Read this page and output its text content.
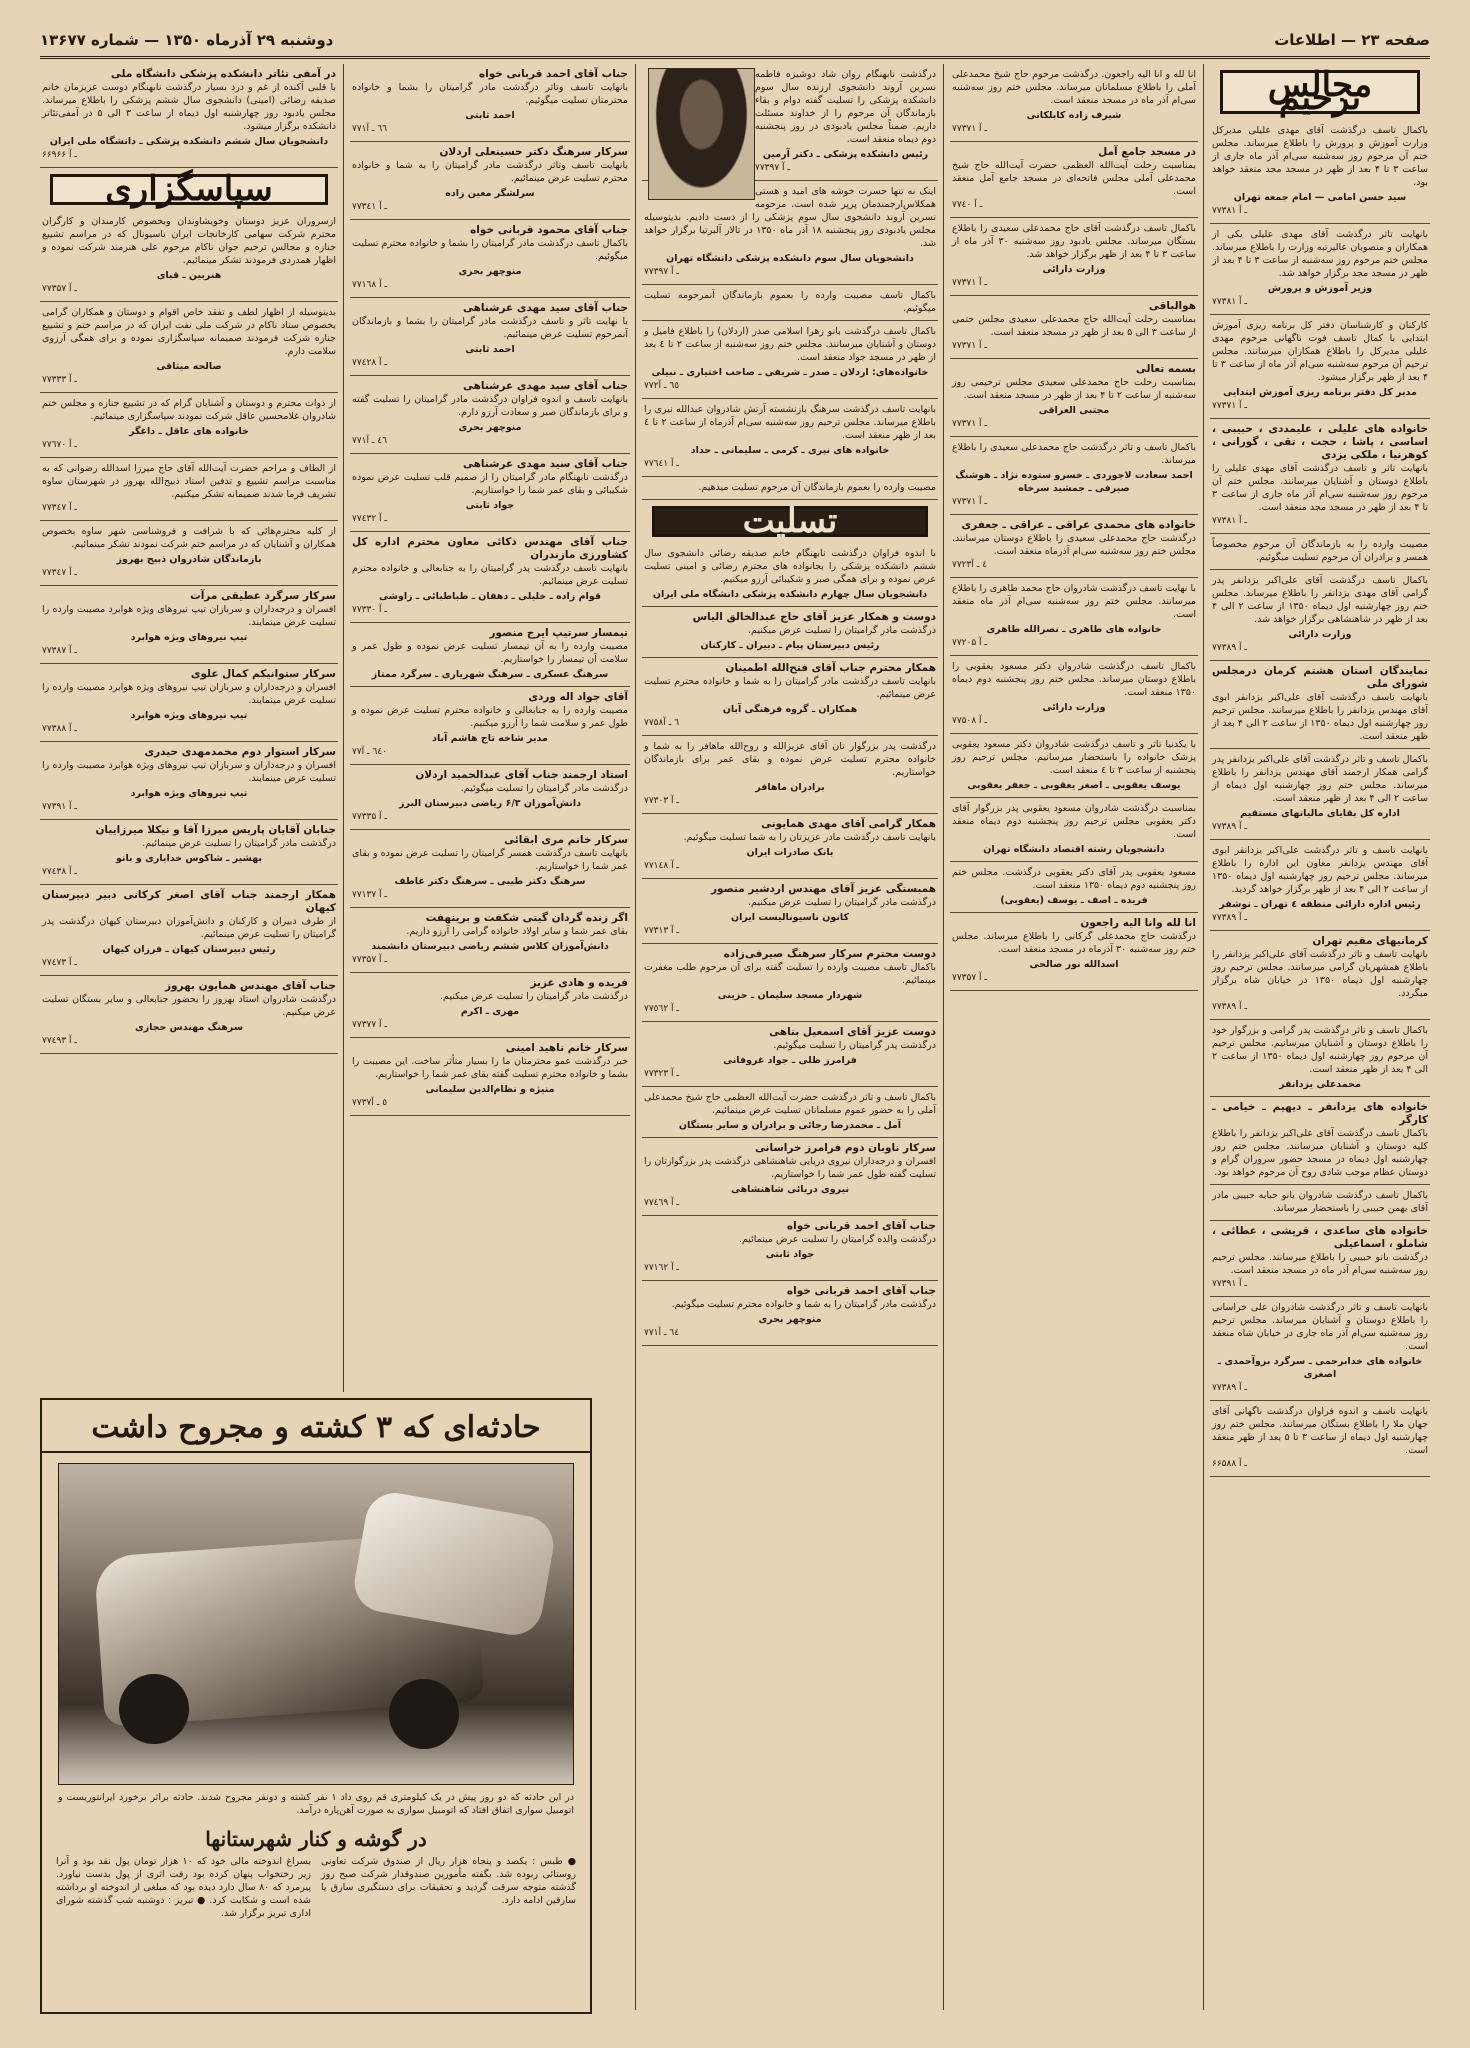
صفحه ۲۳ — اطلاعات
دوشنبه ۲۹ آذرماه ۱۳۵۰ — شماره ۱۳۶۷۷
مجالس ترحیم
باکمال تاسف درگذشت آقای مهدی علیلی مدیرکل وزارت آموزش و پرورش را باطلاع میرساند. مجلس ختم آن مرحوم روز سه‌شنبه سی‌ام آذر ماه جاری از ساعت ۳ تا ۴ بعد از ظهر در مسجد مجد منعقد خواهد بود.
سید حسن امامی — امام جمعه تهران
۷۷۳۸۱ ـ آ
بانهایت تاثر درگذشت آقای مهدی علیلی یکی از همکاران و منصوبان عالیرتبه وزارت را باطلاع میرساند. مجلس ختم مرحوم روز سه‌شنبه از ساعت ۳ تا ۴ بعد از ظهر در مسجد مجد برگزار خواهد شد.
وزیر آموزش و پرورش
۷۷۳۸۱ ـ آ
کارکنان و کارشناسان دفتر کل برنامه ریزی آموزش ابتدایی با کمال تاسف فوت ناگهانی مرحوم مهدی علیلی مدیرکل را باطلاع همکاران میرسانند. مجلس ترحیم آن مرحوم سه‌شنبه سی‌ام آذر ماه از ساعت ۳ تا ۴ بعد از ظهر برگزار میشود.
مدیر کل دفتر برنامه ریزی آموزش ابتدایی
۷۷۳۷۱ ـ آ
خانواده های علیلی ، علیمددی ، حبیبی ، اساسی ، پاشا ، حجت ، تقی ، گورانی ، کوهرنیا ، ملکی یزدی
بانهایت تاثر و تاسف درگذشت آقای مهدی علیلی را باطلاع دوستان و آشنایان میرسانند. مجلس ختم آن مرحوم روز سه‌شنبه سی‌ام آذر ماه جاری از ساعت ۳ تا ۴ بعد از ظهر در مسجد مجد منعقد است.
۷۷۳۸۱ ـ آ
مصیبت وارده را به بازماندگان آن مرحوم مخصوصاً همسر و برادران آن مرحوم تسلیت میگوئیم.
باکمال تاسف درگذشت آقای علی‌اکبر یزدانفر پدر گرامی آقای مهدی یزدانفر را باطلاع میرساند. مجلس ختم روز چهارشنبه اول دیماه ۱۳۵۰ از ساعت ۲ الی ۴ بعد از ظهر در شاهنشاهی برگزار خواهد شد.
وزارت دارائی
۷۷۳۸۹ ـ آ
نمایندگان استان هشتم کرمان درمجلس شورای ملی
بانهایت تاسف درگذشت آقای علی‌اکبر یزدانفر ابوی آقای مهندس یزدانفر را باطلاع میرسانند. مجلس ترحیم روز چهارشنبه اول دیماه ۱۳۵۰ از ساعت ۲ الی ۴ بعد از ظهر منعقد است.
باکمال تاسف و تاثر درگذشت آقای علی‌اکبر یزدانفر پدر گرامی همکار ارجمند آقای مهندس یزدانفر را باطلاع میرساند. مجلس ختم روز چهارشنبه اول دیماه از ساعت ۲ الی ۴ بعد از ظهر منعقد است.
اداره کل بقایای مالیاتهای مستقیم
۷۷۳۸۹ ـ آ
بانهایت تاسف و تاثر درگذشت علی‌اکبر یزدانفر ابوی آقای مهندس یزدانفر معاون این اداره را باطلاع میرساند. مجلس ترحیم روز چهارشنبه اول دیماه ۱۳۵۰ از ساعت ۲ الی ۴ بعد از ظهر برگزار خواهد گردید.
رئیس اداره دارائی منطقه ٤ تهران ـ نوشفر
۷۷۳۸۹ ـ آ
کرمانیهای مقیم تهران
بانهایت تاسف و تاثر درگذشت آقای علی‌اکبر یزدانفر را باطلاع همشهریان گرامی میرسانند. مجلس ترحیم روز چهارشنبه اول دیماه ۱۳۵۰ در خیابان شاه برگزار میگردد.
۷۷۳۸۹ ـ آ
باکمال تاسف و تاثر درگذشت پدر گرامی و بزرگوار خود را باطلاع دوستان و آشنایان میرسانیم. مجلس ترحیم آن مرحوم روز چهارشنبه اول دیماه ۱۳۵۰ از ساعت ۲ الی ۴ بعد از ظهر منعقد است.
محمدعلی یزدانفر
خانواده های یزدانفر ـ دیهیم ـ خیامی ـ کارگر
باکمال تاسف درگذشت آقای علی‌اکبر یزدانفر را باطلاع کلیه دوستان و آشنایان میرسانند. مجلس ختم روز چهارشنبه اول دیماه در مسجد حضور سروران گرام و دوستان عظام موجب شادی روح آن مرحوم خواهد بود.
باکمال تاسف درگذشت شادروان بانو حبابه حبیبی مادر آقای بهمن حبیبی را باستحضار میرساند.
خانواده های ساعدی ، قریشی ، عطائی ، شاملو ، اسماعیلی
درگذشت بانو حبیبی را باطلاع میرسانند. مجلس ترحیم روز سه‌شنبه سی‌ام آذر ماه در مسجد منعقد است.
۷۷۳۹۱ ـ آ
بانهایت تاسف و تاثر درگذشت شادروان علی خراسانی را باطلاع دوستان و آشنایان میرساند. مجلس ترحیم روز سه‌شنبه سی‌ام آذر ماه جاری در خیابان شاه منعقد است.
خانواده های خدابرحمی ـ سرگرد بروآحمدی ـ اصغری
۷۷۳۸۹ ـ آ
بانهایت تاسف و اندوه فراوان درگذشت ناگهانی آقای جهان ملا را باطلاع بستگان میرسانند. مجلس ختم روز چهارشنبه اول دیماه از ساعت ۳ تا ۵ بعد از ظهر منعقد است.
۶۶۵۸۸ ـ آ
انا لله و انا الیه راجعون. درگذشت مرحوم حاج شیخ محمدعلی آملی را باطلاع مسلمانان میرساند. مجلس ختم روز سه‌شنبه سی‌ام آذر ماه در مسجد منعقد است.
شیرف زاده کابلکانی
۷۷۳۷۱ ـ آ
در مسجد جامع آمل
بمناسبت رحلت آیت‌الله العظمی حضرت آیت‌الله حاج شیخ محمدعلی آملی مجلس فاتحه‌ای در مسجد جامع آمل منعقد است.
۷۷٤۰ ـ آ
باکمال تاسف درگذشت آقای حاج محمدعلی سعیدی را باطلاع بستگان میرساند. مجلس یادبود روز سه‌شنبه ۳۰ آذر ماه از ساعت ۳ تا ۴ بعد از ظهر برگزار خواهد شد.
وزارت دارائی
۷۷۳۷۱ ـ آ
هوالباقی
بمناسبت رحلت آیت‌الله حاج محمدعلی سعیدی مجلس ختمی از ساعت ۳ الی ۵ بعد از ظهر در مسجد منعقد است.
۷۷۳۷۱ ـ آ
بسمه تعالی
بمناسبت رحلت حاج محمدعلی سعیدی مجلس ترحیمی روز سه‌شنبه از ساعت ۲ تا ۴ بعد از ظهر در مسجد منعقد است.
مجتبی العراقی
۷۷۳۷۱ ـ آ
باکمال تاسف و تاثر درگذشت حاج محمدعلی سعیدی را باطلاع میرساند.
احمد سعادت لاجوردی ـ خسرو ستوده نژاد ـ هوشنگ صیرفی ـ جمشید سرخاه
۷۷۳۷۱ ـ آ
خانواده های محمدی عراقی ـ عراقی ـ جعفری
درگذشت حاج محمدعلی سعیدی را باطلاع دوستان میرسانند. مجلس ختم روز سه‌شنبه سی‌ام آذرماه منعقد است.
۷۷۲۳٤ ـ آ
با نهایت تاسف درگذشت شادروان حاج محمد طاهری را باطلاع میرسانند. مجلس ختم روز سه‌شنبه سی‌ام آذر ماه منعقد است.
خانواده های طاهری ـ نصرالله طاهری
۷۷۲۰۵ ـ آ
باکمال تاسف درگذشت شادروان دکتر مسعود یعقوبی را باطلاع دوستان میرساند. مجلس ختم روز پنجشنبه دوم دیماه ۱۳۵۰ منعقد است.
وزارت دارائی
۷۷۵۰۸ ـ آ
با یکدنیا تاثر و تاسف درگذشت شادروان دکتر مسعود یعقوبی پزشک خانواده را باستحضار میرسانیم. مجلس ترحیم روز پنجشنبه از ساعت ۳ تا ٤ منعقد است.
یوسف یعقوبی ـ اصغر یعقوبی ـ جعفر یعقوبی
بمناسبت درگذشت شادروان مسعود یعقوبی پدر بزرگوار آقای دکتر یعقوبی مجلس ترحیم روز پنجشنبه دوم دیماه منعقد است.
دانشجویان رشته اقتصاد دانشگاه تهران
مسعود یعقوبی پدر آقای دکتر یعقوبی درگذشت. مجلس ختم روز پنجشنبه دوم دیماه ۱۳۵۰ منعقد است.
فریده ـ اصف ـ یوسف (یعقوبی)
انا لله وانا الیه راجعون
درگذشت حاج محمدعلی گرکانی را باطلاع میرساند. مجلس ختم روز سه‌شنبه ۳۰ آذرماه در مسجد منعقد است.
اسدالله نور صالحی
۷۷۳۵۷ ـ آ
درگذشت نابهنگام روان شاد دوشیزه فاطمه نسرین آروند دانشجوی ارزنده سال سوم دانشکده پزشکی را تسلیت گفته دوام و بقاء بازماندگان آن مرحوم را از خداوند مسئلت داریم. ضمناً مجلس یادبودی در روز پنجشنبه دوم دیماه منعقد است.
رئیس دانشکده پزشکی ـ دکتر آرمین
۷۷۳۹۷ ـ آ
اینک نه تنها حسرت خوشه های امید و هستی همکلاس‌ارجمندمان پرپر شده است. مرحومه نسرین آروند دانشجوی سال سوم پزشکی را از دست دادیم. بدینوسیله مجلس یادبودی روز پنجشنبه ۱۸ آذر ماه ۱۳۵۰ در تالار آلبرتیا برگزار خواهد شد.
دانشجویان سال سوم دانشکده پزشکی دانشگاه تهران
۷۷۳۹۷ ـ آ
باکمال تاسف مصیبت وارده را بعموم بازماندگان آنمرحومه تسلیت میگوئیم.
باکمال تاسف درگذشت بانو زهرا اسلامی صدر (اردلان) را باطلاع فامیل و دوستان و آشنایان میرسانند. مجلس ختم روز سه‌شنبه از ساعت ۲ تا ٤ بعد از ظهر در مسجد جواد منعقد است.
خانواده‌های: اردلان ـ صدر ـ شریفی ـ صاحب اختیاری ـ نبیلی
۷۷۲٦٥ ـ آ
بانهایت تاسف درگذشت سرهنگ بازنشسته آرتش شادروان عبدالله نیری را باطلاع میرساند. مجلس ترحیم روز سه‌شنبه سی‌ام آذرماه از ساعت ۲ تا ٤ بعد از ظهر منعقد است.
خانواده های نیری ـ کرمی ـ سلیمانی ـ حداد
۷۷٦٤۱ ـ آ
مصیبت وارده را بعموم بازماندگان آن مرحوم تسلیت میدهیم.
تسلیت
با اندوه فراوان درگذشت نابهنگام خانم صدیقه رضائی دانشجوی سال ششم دانشکده پزشکی را بجانواده های محترم رضائی و امینی تسلیت عرض نموده و برای همگی صبر و شکیبائی آرزو میکنیم.
دانشجویان سال چهارم دانشکده پزشکی دانشگاه ملی ایران
دوست و همکار عزیز آقای حاج عبدالخالق الیاس
درگذشت مادر گرامیتان را تسلیت عرض میکنیم.
رئیس دبیرستان پیام ـ دبیران ـ کارکنان
همکار محترم جناب آقای فتح‌الله اطمینان
بانهایت تاسف درگذشت مادر گرامیتان را به شما و خانواده محترم تسلیت عرض مینمائیم.
همکاران ـ گروه فرهنگی آبان
۷۷۵۸٦ ـ آ
درگذشت پدر بزرگوار تان آقای عزیزالله و روح‌الله ماهافر را به شما و خانواده محترم تسلیت عرض نموده و بقای عمر برای بازماندگان خواستاریم.
برادران ماهافر
۷۷۳۰۳ ـ آ
همکار گرامی آقای مهدی همایونی
بانهایت تاسف درگذشت مادر عزیزتان را به شما تسلیت میگوئیم.
بانک صادرات ایران
۷۷۱٤۸ ـ آ
همبستگی عزیز آقای مهندس اردشیر منصور
درگذشت مادر گرامیتان را تسلیت عرض میکنیم.
کانون ناسیونالیست ایران
۷۷۳۱۳ ـ آ
دوست محترم سرکار سرهنگ صیرفی‌زاده
باکمال تاسف مصیبت وارده را تسلیت گفته برای آن مرحوم طلب مغفرت مینمائیم.
شهردار مسجد سلیمان ـ حزینی
۷۷٥٦۲ ـ آ
دوست عزیز آقای اسمعیل بناهی
درگذشت پدر گرامیتان را تسلیت میگوئیم.
فرامرز ظلی ـ جواد غروفانی
۷۷۳۲۳ ـ آ
باکمال تاسف و تاثر درگذشت حضرت آیت‌الله العظمی حاج شیخ محمدعلی آملی را به حضور عموم مسلمانان تسلیت عرض مینمائیم.
آمل ـ محمدرضا رجائی و برادران و سایر بستگان
سرکار ناوبان دوم فرامرز خراسانی
افسران و درجه‌داران نیروی دریایی شاهنشاهی درگذشت پدر بزرگوارتان را تسلیت گفته طول عمر شما را خواستاریم.
نیروی دریائی شاهنشاهی
۷۷٤٦۹ ـ آ
جناب آقای احمد قربانی خواه
درگذشت والده گرامیتان را تسلیت عرض مینمائیم.
جواد ثابتی
۷۷۱٦۲ ـ آ
جناب آقای احمد قربانی خواه
درگذشت مادر گرامیتان را به شما و خانواده محترم تسلیت میگوئیم.
منوچهر بحری
۷۷۱٦٤ ـ آ
جناب آقای احمد قربانی خواه
بانهایت تاسف وتاثر درگذشت مادر گرامیتان را بشما و خانواده محترمتان تسلیت میگوئیم.
احمد ثابتی
۷۷۱٦٦ ـ آ
سرکار سرهنگ دکتر حسینعلی اردلان
بانهایت تاسف وتاثر درگذشت مادر گرامیتان را به شما و خانواده محترم تسلیت عرض مینمائیم.
سرلشگر معین زاده
۷۷۳٤۱ ـ آ
جناب آقای محمود قربانی خواه
باکمال تاسف درگذشت مادر گرامیتان را بشما و خانواده محترم تسلیت میگوئیم.
منوچهر بحری
۷۷۱٦۸ ـ آ
جناب آقای سید مهدی عرشناهی
با نهایت تاثر و تاسف درگذشت مادر گرامیتان را بشما و بازماندگان آنمرحوم تسلیت عرض مینمائیم.
احمد ثابتی
۷۷٤۲۸ ـ آ
جناب آقای سید مهدی عرشناهی
بانهایت تاسف و اندوه فراوان درگذشت مادر گرامیتان را تسلیت گفته و برای بازماندگان صبر و سعادت آرزو دارم.
منوچهر بحری
۷۷۱٤٦ ـ آ
جناب آقای سید مهدی عرشناهی
درگذشت نابهنگام مادر گرامیتان را از صمیم قلب تسلیت عرض نموده شکیبائی و بقای عمر شما را خواستاریم.
جواد ثابتی
۷۷٤۳۲ ـ آ
جناب آقای مهندس ذکائی معاون محترم اداره کل کشاورزی مازندران
بانهایت تاسف درگذشت پدر گرامیتان را به جنابعالی و خانواده محترم تسلیت عرض مینمائیم.
قوام زاده ـ خلیلی ـ دهقان ـ طباطبائی ـ زاوشی
۷۷۳۳۰ ـ آ
تیمسار سرتیپ ایرج منصور
مصیبت وارده را به آن تیمسار تسلیت عرض نموده و طول عمر و سلامت آن تیمسار را خواستاریم.
سرهنگ عسکری ـ سرهنگ شهریاری ـ سرگرد ممتاز
آقای جواد اله وردی
مصیبت وارده را به جنابعالی و خانواده محترم تسلیت عرض نموده و طول عمر و سلامت شما را آرزو میکنیم.
مدیر شاخه تاج هاشم آباد
۷۷٦٤٠ ـ آ
استاد ارجمند جناب آقای عبدالحمید اردلان
درگذشت مادر گرامیتان را تسلیت میگوئیم.
دانش‌آموزان ۶/۳ ریاضی دبیرستان البرز
۷۷۳۳۵ ـ آ
سرکار خانم مری ابقائی
بانهایت تاسف درگذشت همسر گرامیتان را تسلیت عرض نموده و بقای عمر شما را خواستاریم.
سرهنگ دکتر طیبی ـ سرهنگ دکتر عاطف
۷۷۱۳۷ ـ آ
اگر زنده گردان گیتی شکفت و برینهفت
بقای عمر شما و سایر اولاد خانواده گرامی را آرزو داریم.
دانش‌آموزان کلاس ششم ریاضی دبیرستان دانشمند
۷۷۳۵۷ ـ آ
فریده و هادی عزیز
درگذشت مادر گرامیتان را تسلیت عرض میکنیم.
مهری ـ اکرم
۷۷۳۷۷ ـ آ
سرکار خانم ناهید امینی
خبر درگذشت عمو محترمتان ما را بسیار متأثر ساخت. این مصیبت را بشما و خانواده محترم تسلیت گفته بقای عمر شما را خواستاریم.
منیژه و نظام‌الدین سلیمانی
۷۷۳۷٥ ـ آ
در آمفی تئاتر دانشکده پزشکی دانشگاه ملی
با قلبی آکنده از غم و درد بسیار درگذشت نابهنگام دوست عزیزمان خانم صدیقه رضائی (امینی) دانشجوی سال ششم پزشکی را باطلاع میرساند. مجلس یادبود روز چهارشنبه اول دیماه از ساعت ۳ الی ۵ در آمفی‌تئاتر دانشکده برگزار میشود.
دانشجویان سال ششم دانشکده پزشکی ـ دانشگاه ملی ایران
۶۶۹۶۶ ـ آ
سپاسگزاری
ازسروران عزیز دوستان وخویشاوندان وبخصوص کارمندان و کارگران محترم شرکت سهامی کارخانجات ایران ناسیونال که در مراسم تشییع جنازه و مجالس ترحیم جوان ناکام مرحوم علی هنرمند شرکت نموده و اظهار همدردی فرمودند تشکر مینمائیم.
هنربین ـ قبای
۷۷۳۵۷ ـ آ
بدینوسیله از اظهار لطف و تفقد خاص اقوام و دوستان و همکاران گرامی بخصوص ستاد ناکام در شرکت ملی نفت ایران که در مراسم ختم و تشییع جنازه شرکت فرمودند صمیمانه سپاسگزاری نموده و برای همگی آرزوی سلامت دارم.
صالحه میثاقی
۷۷۳۳۳ ـ آ
از ذوات محترم و دوستان و آشنایان گرام که در تشییع جنازه و مجلس ختم شادروان غلامحسین عاقل شرکت نمودند سپاسگزاری مینمائیم.
خانواده های عاقل ـ داغگر
۷۷٦۷۰ ـ آ
از الطاف و مراحم حضرت آیت‌الله آقای حاج میرزا اسدالله رضوانی که به مناسبت مراسم تشییع و تدفین استاد ذبیح‌الله بهروز در شهرستان ساوه تشریف فرما شدند صمیمانه تشکر میکنیم.
۷۷۳٤۷ ـ آ
از کلیه محترم‌هائی که با شرافت و فروشناسی شهر ساوه بخصوص همکاران و آشنایان که در مراسم ختم شرکت نمودند تشکر مینمائیم.
بازماندگان شادروان ذبیح بهروز
۷۷۳٤۷ ـ آ
سرکار سرگرد عطیقی مرآت
افسران و درجه‌داران و سربازان تیپ نیروهای ویژه هوابرد مصیبت وارده را تسلیت عرض مینمایند.
تیپ نیروهای ویژه هوابرد
۷۷۳۸۷ ـ آ
سرکار ستوانیکم کمال علوی
افسران و درجه‌داران و سربازان تیپ نیروهای ویژه هوابرد مصیبت وارده را تسلیت عرض مینمایند.
تیپ نیروهای ویژه هوابرد
۷۷۳۸۸ ـ آ
سرکار استوار دوم محمدمهدی حیدری
افسران و درجه‌داران و سربازان تیپ نیروهای ویژه هوابرد مصیبت وارده را تسلیت عرض مینمایند.
تیپ نیروهای ویژه هوابرد
۷۷۳۹۱ ـ آ
جنابان آقایان پاریس میرزا آقا و نیکلا میرزاییان
درگذشت مادر گرامیتان را تسلیت عرض مینمائیم.
بهشیر ـ شاکوس خدایاری و بانو
۷۷٤۳۸ ـ آ
همکار ارجمند جناب آقای اصغر کرکانی دبیر دبیرستان کیهان
از طرف دبیران و کارکنان و دانش‌آموزان دبیرستان کیهان درگذشت پدر گرامیتان را تسلیت عرض مینمائیم.
رئیس دبیرستان کیهان ـ فرزان کیهان
۷۷٤۷۳ ـ آ
جناب آقای مهندس همایون بهروز
درگذشت شادروان استاد بهروز را بحضور جنابعالی و سایر بستگان تسلیت عرض میکنیم.
سرهنگ مهندس حجازی
۷۷٤۹۳ ـ آ
حادثه‌ای که ۳ کشته و مجروح داشت
در این حادثه که دو روز پیش در یک کیلومتری قم روی داد ۱ نفر کشته و دونفر مجروح شدند. حادثه براثر برخورد ایرانتوریست و اتومبیل سواری اتفاق افتاد که اتومبیل سواری به صورت آهن‌پاره درآمد.
در گوشه و کنار شهرستانها
● طبس : یکصد و پنجاه هزار ریال از صندوق شرکت تعاونی روستائی ربوده شد. بگفته مأمورین صندوقدار شرکت صبح روز گذشته متوجه سرقت گردید و تحقیقات برای دستگیری سارق یا سارقین ادامه دارد.
بسراغ اندوخته مالی خود که ۱۰ هزار تومان پول نقد بود و آنرا زیر رختخواب پنهان کرده بود رفت اثری از پول بدست نیاورد. پیرمرد که ۸۰ سال دارد دیده بود که مبلغی از اندوخته او برداشته شده است و شکایت کرد. ● تبریز : دوشنبه شب گذشته شورای اداری تبریز برگزار شد.
